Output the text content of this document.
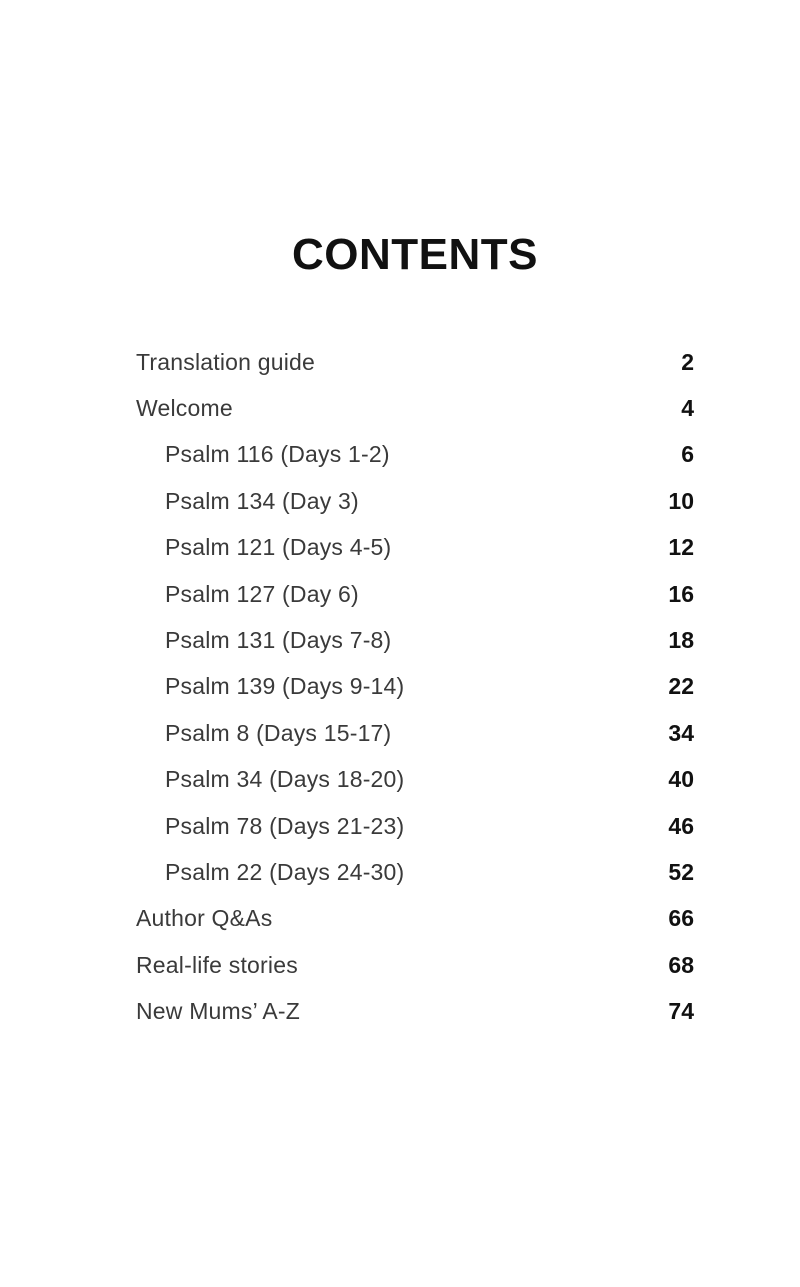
CONTENTS
Translation guide	2
Welcome	4
Psalm 116 (Days 1-2)	6
Psalm 134 (Day 3)	10
Psalm 121 (Days 4-5)	12
Psalm 127 (Day 6)	16
Psalm 131 (Days 7-8)	18
Psalm 139 (Days 9-14)	22
Psalm 8 (Days 15-17)	34
Psalm 34 (Days 18-20)	40
Psalm 78 (Days 21-23)	46
Psalm 22 (Days 24-30)	52
Author Q&As	66
Real-life stories	68
New Mums’ A-Z	74
